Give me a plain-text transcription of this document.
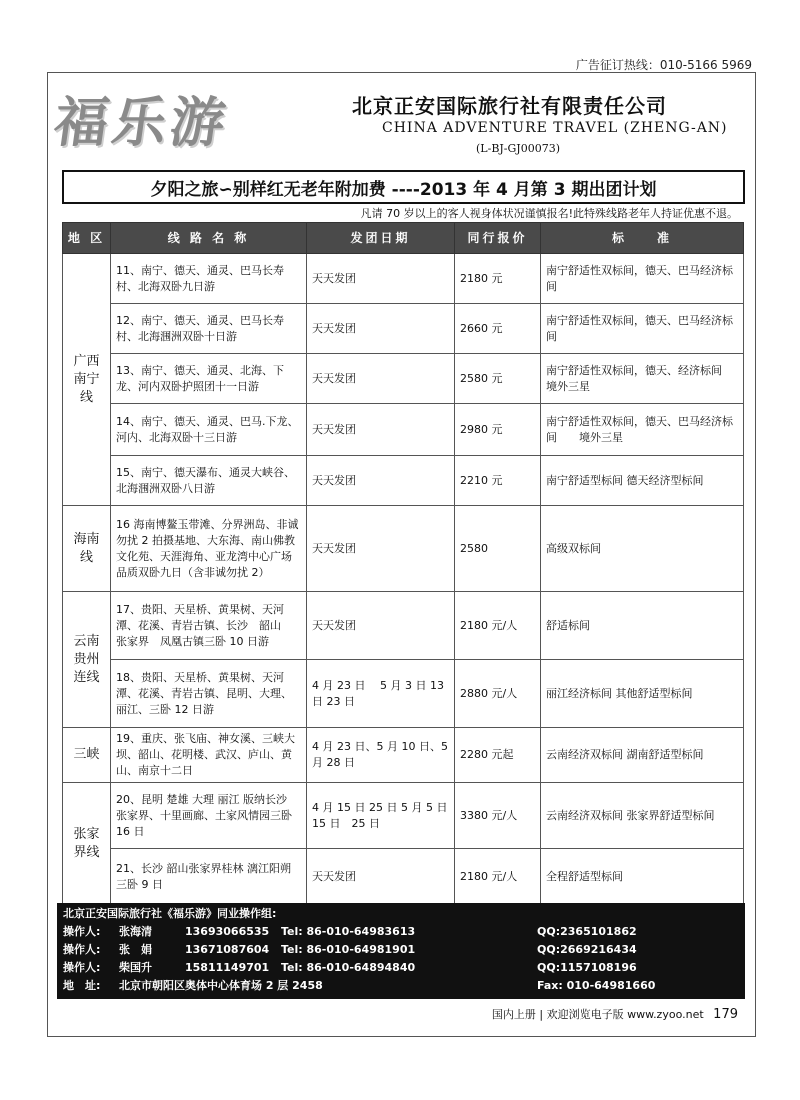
广告征订热线：010-5166 5969
福乐游	北京正安国际旅行社有限责任公司
CHINA ADVENTURE TRAVEL (ZHENG-AN)
(L-BJ-GJ00073)
夕阳之旅∽别样红无老年附加费 ----2013 年 4 月第 3 期出团计划
凡请 70 岁以上的客人视身体状况谨慎报名!此特殊线路老年人持证优惠不退。
地 区	线 路 名 称	发团日期	同行报价	标　　准
广西南宁线	11、南宁、德天、通灵、巴马长寿村、北海双卧九日游	天天发团	2180 元	南宁舒适性双标间，德天、巴马经济标间
	12、南宁、德天、通灵、巴马长寿村、北海涠洲双卧十日游	天天发团	2660 元	南宁舒适性双标间，德天、巴马经济标间
	13、南宁、德天、通灵、北海、下龙、河内双卧护照团十一日游	天天发团	2580 元	南宁舒适性双标间，德天、经济标间　　境外三星
	14、南宁、德天、通灵、巴马.下龙、河内、北海双卧十三日游	天天发团	2980 元	南宁舒适性双标间，德天、巴马经济标间　　境外三星
	15、南宁、德天瀑布、通灵大峡谷、北海涠洲双卧八日游	天天发团	2210 元	南宁舒适型标间 德天经济型标间
海南线	16 海南博鳌玉带滩、分界洲岛、非诚勿扰 2 拍摄基地、大东海、南山佛教文化苑、天涯海角、亚龙湾中心广场 品质双卧九日（含非诚勿扰 2）	天天发团	2580	高级双标间
云南贵州连线	17、贵阳、天星桥、黄果树、天河潭、花溪、青岩古镇、长沙　韶山　张家界　凤凰古镇三卧 10 日游	天天发团	2180 元/人	舒适标间
	18、贵阳、天星桥、黄果树、天河潭、花溪、青岩古镇、昆明、大理、丽江、三卧 12 日游	4 月 23 日　 5 月 3 日 13 日 23 日	2880 元/人	丽江经济标间 其他舒适型标间
三峡	19、重庆、张飞庙、神女溪、三峡大坝、韶山、花明楼、武汉、庐山、黄山、南京十二日	4 月 23 日、5 月 10 日、5 月 28 日	2280 元起	云南经济双标间 湖南舒适型标间
张家界线	20、昆明 楚雄 大理 丽江 版纳长沙 张家界、十里画廊、土家风情园三卧 16 日	4 月 15 日 25 日 5 月 5 日　15 日　25 日	3380 元/人	云南经济双标间 张家界舒适型标间
	21、长沙 韶山张家界桂林 漓江阳朔三卧 9 日	天天发团	2180 元/人	全程舒适型标间
北京正安国际旅行社《福乐游》同业操作组:
操作人:	张海清	13693066535	Tel: 86-010-64983613	QQ:2365101862
操作人:	张　娟	13671087604	Tel: 86-010-64981901	QQ:2669216434
操作人:	柴国升	15811149701	Tel: 86-010-64894840	QQ:1157108196
地　址:	北京市朝阳区奥体中心体育场 2 层 2458	Fax: 010-64981660
国内上册 | 欢迎浏览电子版 www.zyoo.net 179
